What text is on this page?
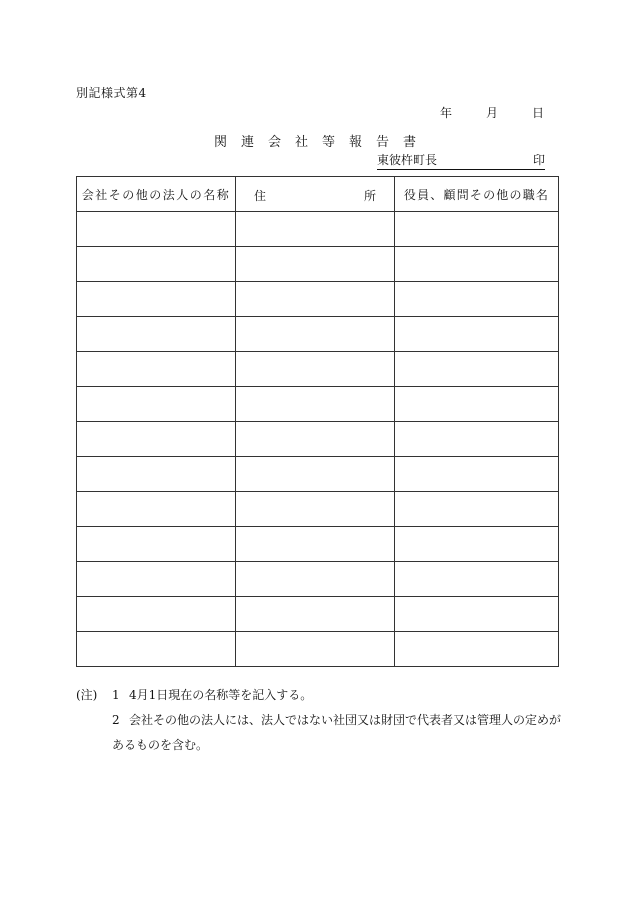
別記様式第4
年	月	日
関連会社等報告書
東彼杵町長	印
会社その他の法人の名称	住 所	役員、顧問その他の職名

(注)	1 4月1日現在の名称等を記入する。
2 会社その他の法人には、法人ではない社団又は財団で代表者又は管理人の定めが
あるものを含む。
